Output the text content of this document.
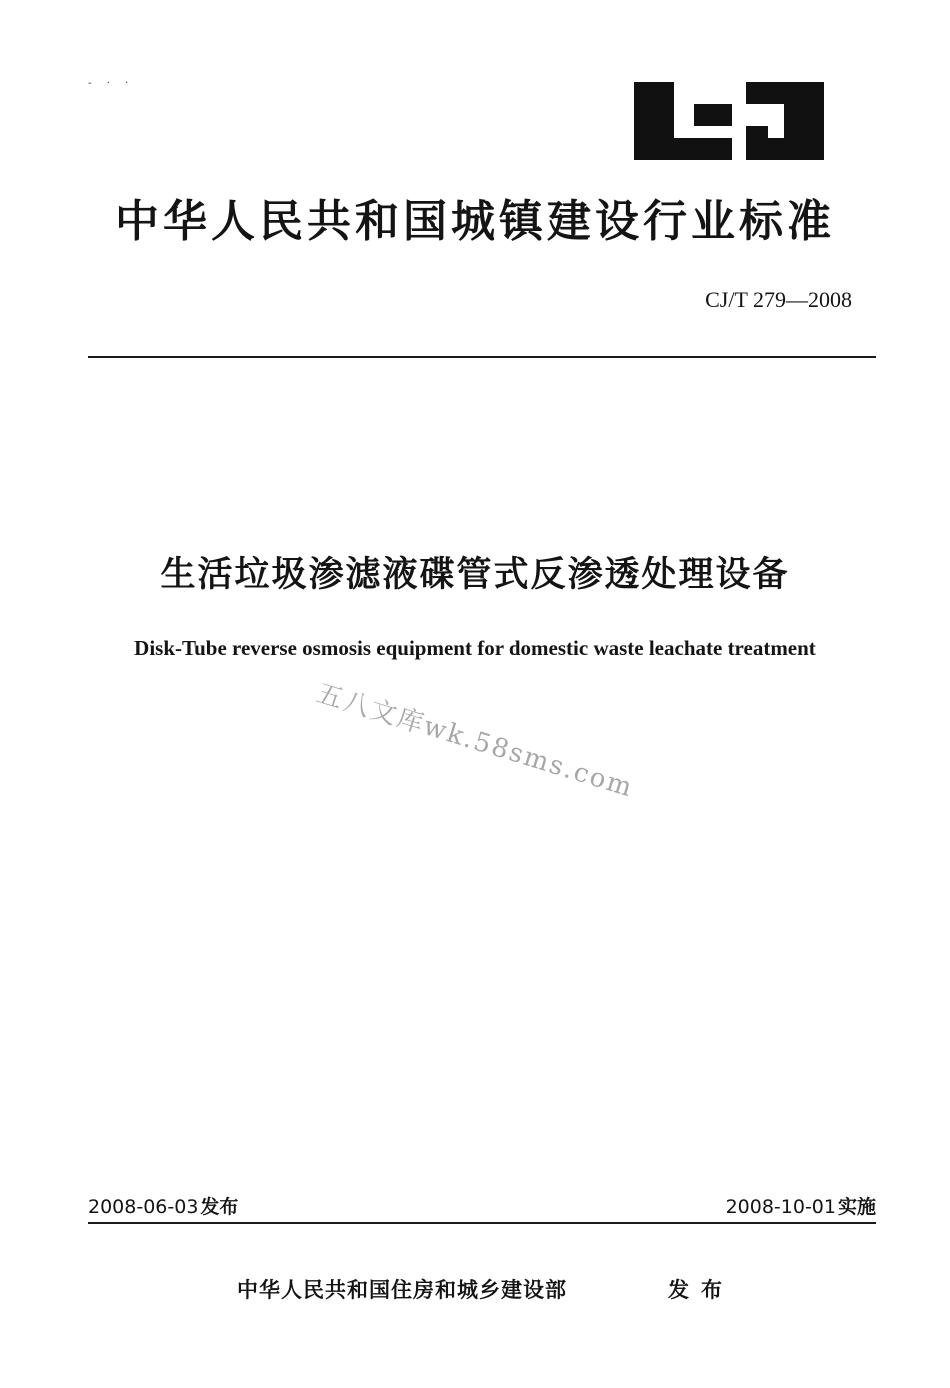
- · ·
中华人民共和国城镇建设行业标准
CJ/T 279—2008
生活垃圾渗滤液碟管式反渗透处理设备
Disk-Tube reverse osmosis equipment for domestic waste leachate treatment
五八文库wk.58sms.com
2008-06-03 发布	2008-10-01 实施
中华人民共和国住房和城乡建设部	发布
